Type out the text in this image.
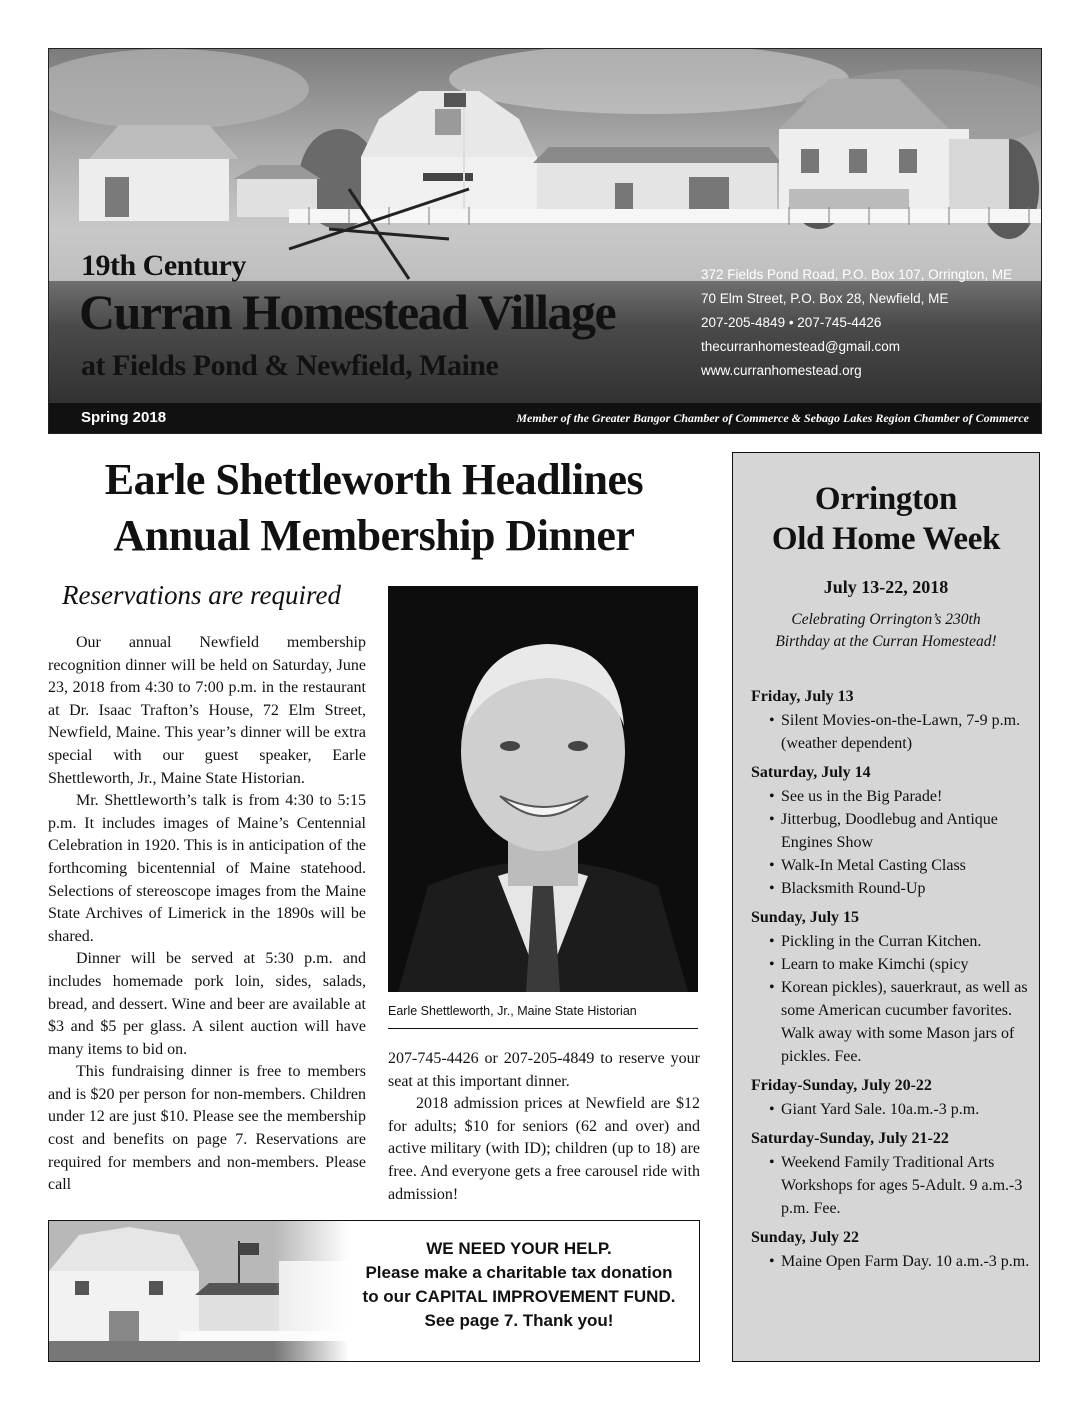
19th Century
Curran Homestead Village
at Fields Pond & Newfield, Maine
372 Fields Pond Road, P.O. Box 107, Orrington, ME
70 Elm Street, P.O. Box 28, Newfield, ME
207-205-4849 • 207-745-4426
thecurranhomestead@gmail.com
www.curranhomestead.org
Spring 2018	Member of the Greater Bangor Chamber of Commerce & Sebago Lakes Region Chamber of Commerce
Earle Shettleworth Headlines
Annual Membership Dinner
Reservations are required

Our annual Newfield membership recognition dinner will be held on Saturday, June 23, 2018 from 4:30 to 7:00 p.m. in the restaurant at Dr. Isaac Trafton’s House, 72 Elm Street, Newfield, Maine. This year’s dinner will be extra special with our guest speaker, Earle Shettleworth, Jr., Maine State Historian.

Mr. Shettleworth’s talk is from 4:30 to 5:15 p.m. It includes images of Maine’s Centennial Celebration in 1920. This is in anticipation of the forthcoming bicentennial of Maine statehood. Selections of stereoscope images from the Maine State Archives of Limerick in the 1890s will be shared.

Dinner will be served at 5:30 p.m. and includes homemade pork loin, sides, salads, bread, and dessert. Wine and beer are available at $3 and $5 per glass. A silent auction will have many items to bid on.

This fundraising dinner is free to members and is $20 per person for non-members. Children under 12 are just $10. Please see the membership cost and benefits on page 7. Reservations are required for members and non-members. Please call

Earle Shettleworth, Jr., Maine State Historian

207-745-4426 or 207-205-4849 to reserve your seat at this important dinner.

2018 admission prices at Newfield are $12 for adults; $10 for seniors (62 and over) and active military (with ID); children (up to 18) are free. And everyone gets a free carousel ride with admission!

WE NEED YOUR HELP.
Please make a charitable tax donation
to our CAPITAL IMPROVEMENT FUND.
See page 7. Thank you!
Orrington
Old Home Week
July 13-22, 2018
Celebrating Orrington’s 230th
Birthday at the Curran Homestead!
Friday, July 13
• Silent Movies-on-the-Lawn, 7-9 p.m. (weather dependent)
Saturday, July 14
• See us in the Big Parade!
• Jitterbug, Doodlebug and Antique Engines Show
• Walk-In Metal Casting Class
• Blacksmith Round-Up
Sunday, July 15
• Pickling in the Curran Kitchen.
• Learn to make Kimchi (spicy
• Korean pickles), sauerkraut, as well as some American cucumber favorites. Walk away with some Mason jars of pickles. Fee.
Friday-Sunday, July 20-22
• Giant Yard Sale. 10a.m.-3 p.m.
Saturday-Sunday, July 21-22
• Weekend Family Traditional Arts Workshops for ages 5-Adult. 9 a.m.-3 p.m. Fee.
Sunday, July 22
• Maine Open Farm Day. 10 a.m.-3 p.m.
